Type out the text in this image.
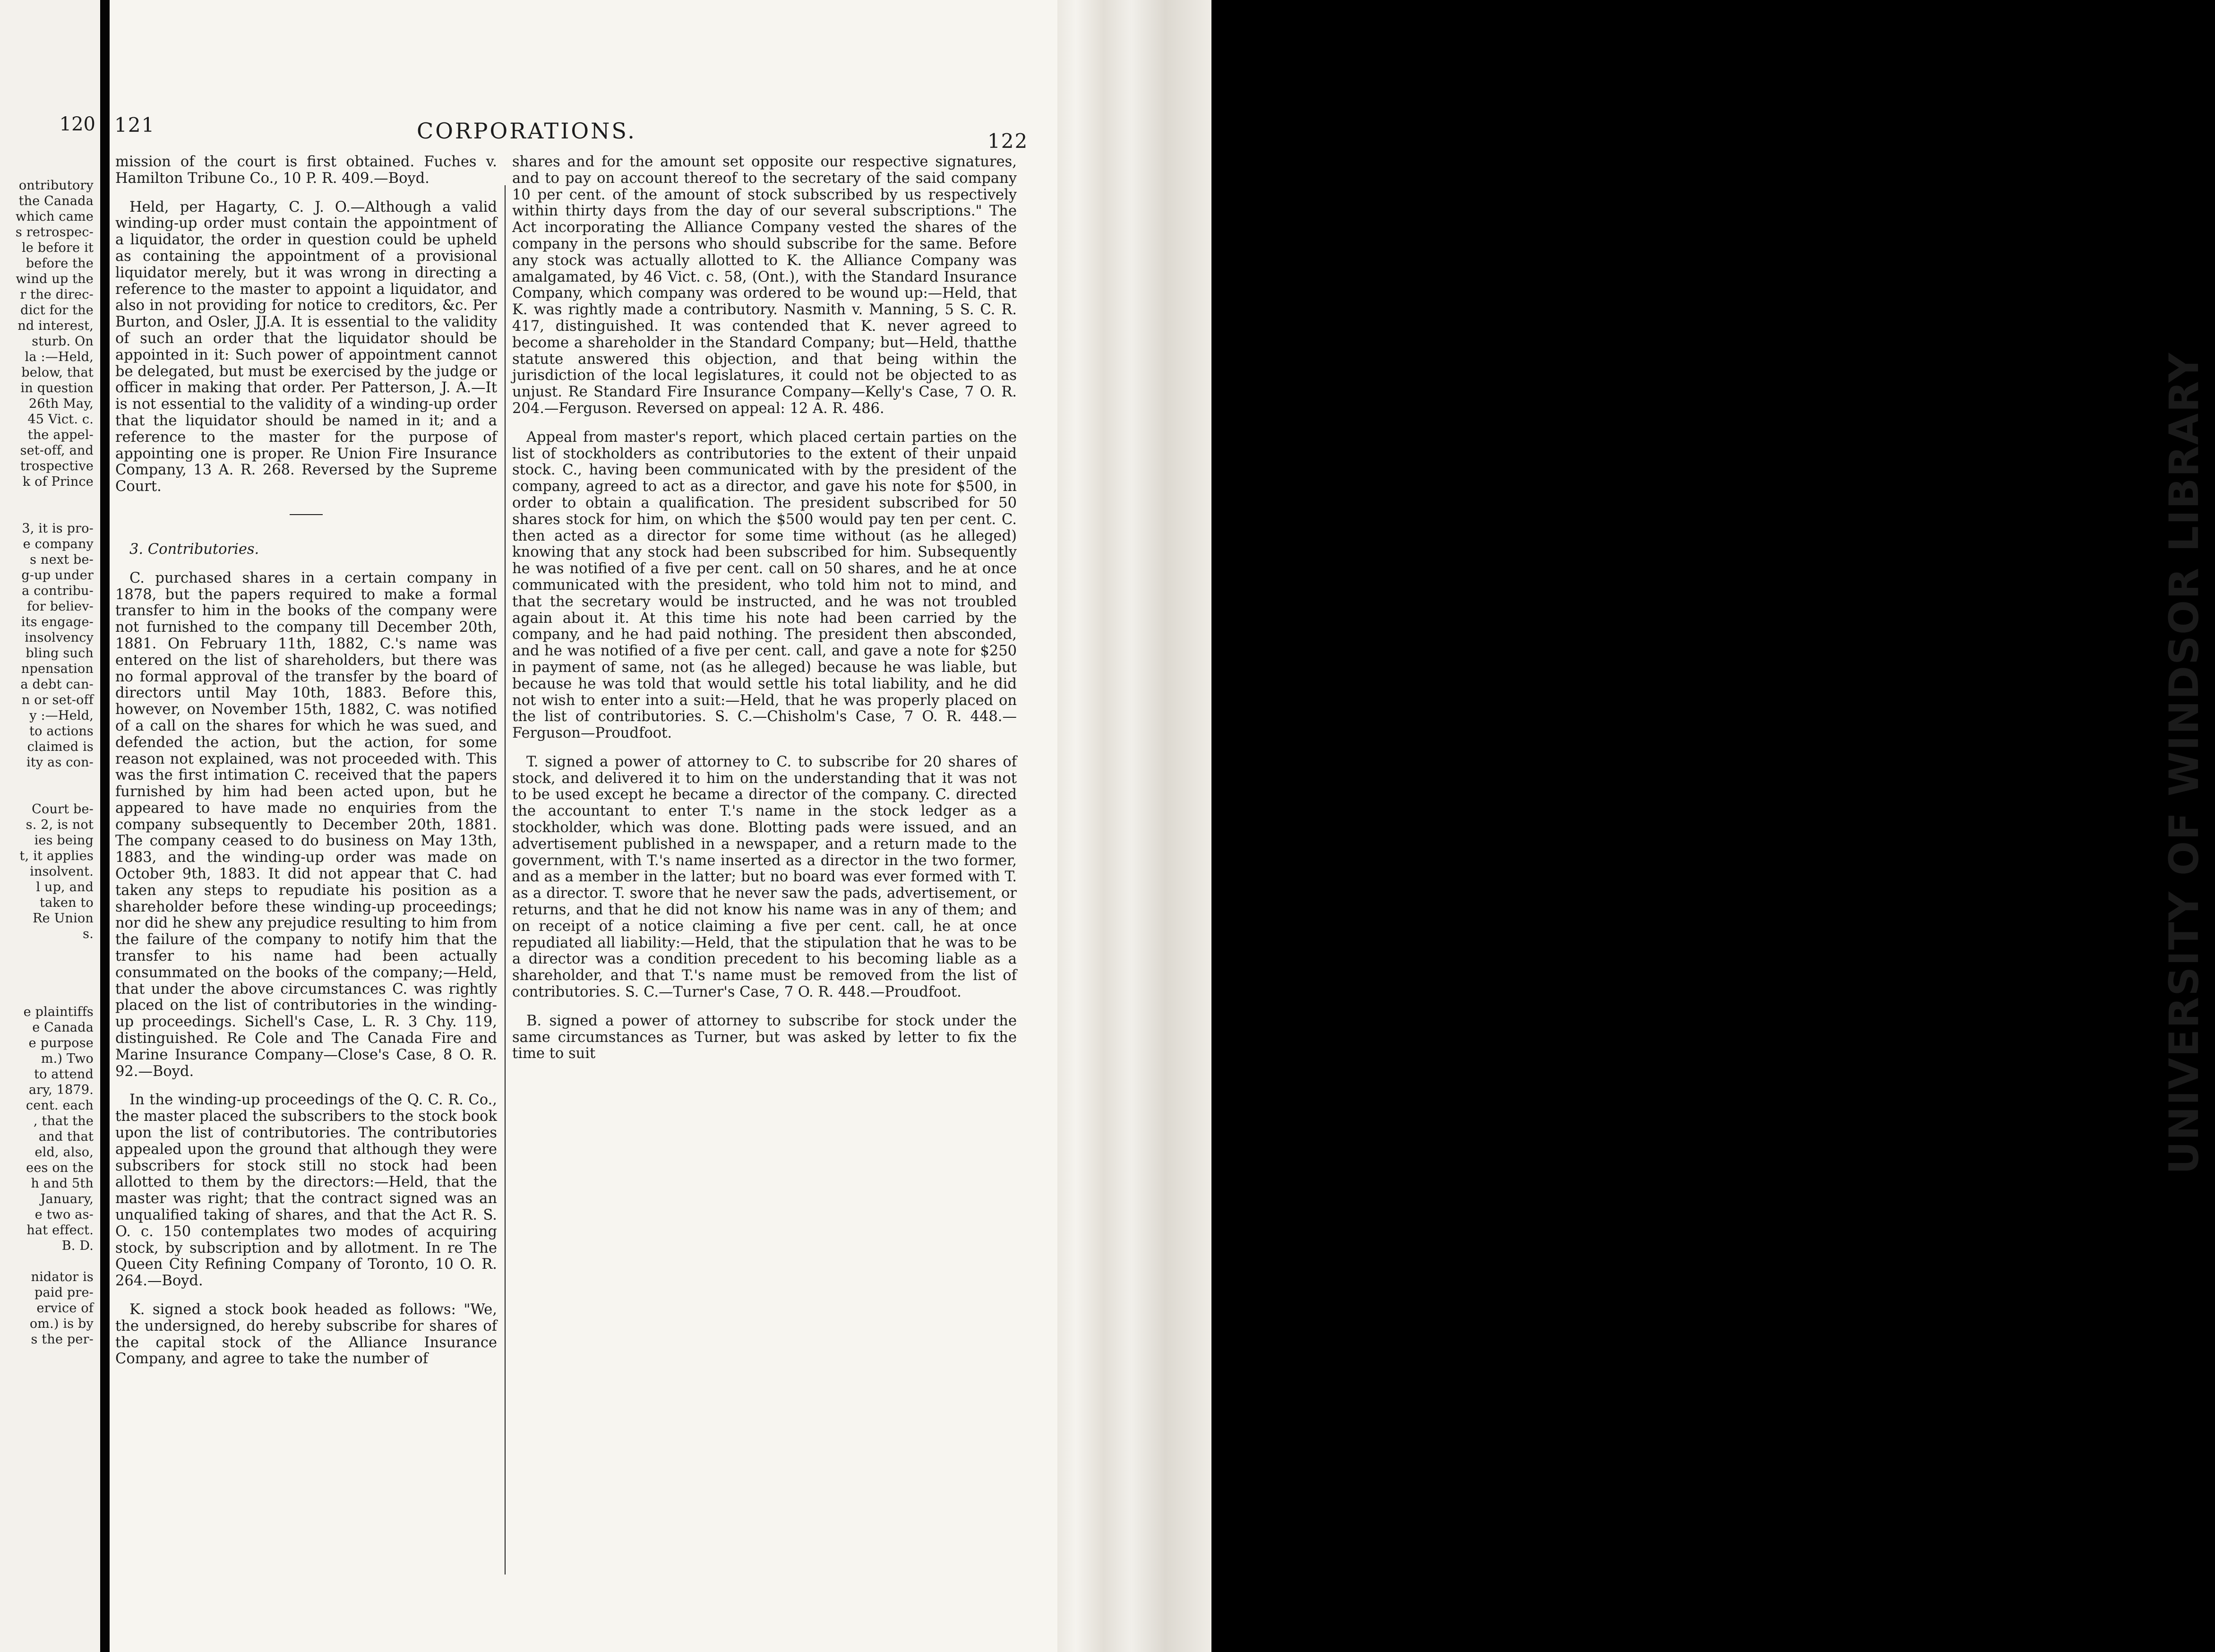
120
ontributory
the Canada
which came
s retrospec-
le before it
before the
wind up the
r the direc-
dict for the
nd interest,
sturb. On
la :—Held,
below, that
in question
26th May,
45 Vict. c.
the appel-
set-off, and
trospective
k of Prince

3, it is pro-
e company
s next be-
g-up under
a contribu-
for believ-
its engage-
insolvency
bling such
npensation
a debt can-
n or set-off
y :—Held,
to actions
claimed is
ity as con-

Court be-
s. 2, is not
ies being
t, it applies
insolvent.
l up, and
taken to
Re Union
s.

e plaintiffs
e Canada
e purpose
m.) Two
to attend
ary, 1879.
cent. each
, that the
and that
eld, also,
ees on the
h and 5th
January,
e two as-
hat effect.
B. D.

nidator is
paid pre-
ervice of
om.) is by
s the per-
121	CORPORATIONS.	122

mission of the court is first obtained. Fuches v. Hamilton Tribune Co., 10 P. R. 409.—Boyd.

Held, per Hagarty, C. J. O.—Although a valid winding-up order must contain the appointment of a liquidator, the order in question could be upheld as containing the appointment of a provisional liquidator merely, but it was wrong in directing a reference to the master to appoint a liquidator, and also in not providing for notice to creditors, &c. Per Burton, and Osler, JJ.A. It is essential to the validity of such an order that the liquidator should be appointed in it: Such power of appointment cannot be delegated, but must be exercised by the judge or officer in making that order. Per Patterson, J. A.—It is not essential to the validity of a winding-up order that the liquidator should be named in it; and a reference to the master for the purpose of appointing one is proper. Re Union Fire Insurance Company, 13 A. R. 268. Reversed by the Supreme Court.

3. Contributories.

C. purchased shares in a certain company in 1878, but the papers required to make a formal transfer to him in the books of the company were not furnished to the company till December 20th, 1881. On February 11th, 1882, C.'s name was entered on the list of shareholders, but there was no formal approval of the transfer by the board of directors until May 10th, 1883. Before this, however, on November 15th, 1882, C. was notified of a call on the shares for which he was sued, and defended the action, but the action, for some reason not explained, was not proceeded with. This was the first intimation C. received that the papers furnished by him had been acted upon, but he appeared to have made no enquiries from the company subsequently to December 20th, 1881. The company ceased to do business on May 13th, 1883, and the winding-up order was made on October 9th, 1883. It did not appear that C. had taken any steps to repudiate his position as a shareholder before these winding-up proceedings; nor did he shew any prejudice resulting to him from the failure of the company to notify him that the transfer to his name had been actually consummated on the books of the company;—Held, that under the above circumstances C. was rightly placed on the list of contributories in the winding-up proceedings. Sichell's Case, L. R. 3 Chy. 119, distinguished. Re Cole and The Canada Fire and Marine Insurance Company—Close's Case, 8 O. R. 92.—Boyd.

In the winding-up proceedings of the Q. C. R. Co., the master placed the subscribers to the stock book upon the list of contributories. The contributories appealed upon the ground that although they were subscribers for stock still no stock had been allotted to them by the directors:—Held, that the master was right; that the contract signed was an unqualified taking of shares, and that the Act R. S. O. c. 150 contemplates two modes of acquiring stock, by subscription and by allotment. In re The Queen City Refining Company of Toronto, 10 O. R. 264.—Boyd.

K. signed a stock book headed as follows: "We, the undersigned, do hereby subscribe for shares of the capital stock of the Alliance Insurance Company, and agree to take the number of

shares and for the amount set opposite our respective signatures, and to pay on account thereof to the secretary of the said company 10 per cent. of the amount of stock subscribed by us respectively within thirty days from the day of our several subscriptions." The Act incorporating the Alliance Company vested the shares of the company in the persons who should subscribe for the same. Before any stock was actually allotted to K. the Alliance Company was amalgamated, by 46 Vict. c. 58, (Ont.), with the Standard Insurance Company, which company was ordered to be wound up:—Held, that K. was rightly made a contributory. Nasmith v. Manning, 5 S. C. R. 417, distinguished. It was contended that K. never agreed to become a shareholder in the Standard Company; but—Held, thatthe statute answered this objection, and that being within the jurisdiction of the local legislatures, it could not be objected to as unjust. Re Standard Fire Insurance Company—Kelly's Case, 7 O. R. 204.—Ferguson. Reversed on appeal: 12 A. R. 486.

Appeal from master's report, which placed certain parties on the list of stockholders as contributories to the extent of their unpaid stock. C., having been communicated with by the president of the company, agreed to act as a director, and gave his note for $500, in order to obtain a qualification. The president subscribed for 50 shares stock for him, on which the $500 would pay ten per cent. C. then acted as a director for some time without (as he alleged) knowing that any stock had been subscribed for him. Subsequently he was notified of a five per cent. call on 50 shares, and he at once communicated with the president, who told him not to mind, and that the secretary would be instructed, and he was not troubled again about it. At this time his note had been carried by the company, and he had paid nothing. The president then absconded, and he was notified of a five per cent. call, and gave a note for $250 in payment of same, not (as he alleged) because he was liable, but because he was told that would settle his total liability, and he did not wish to enter into a suit:—Held, that he was properly placed on the list of contributories. S. C.—Chisholm's Case, 7 O. R. 448.—Ferguson—Proudfoot.

T. signed a power of attorney to C. to subscribe for 20 shares of stock, and delivered it to him on the understanding that it was not to be used except he became a director of the company. C. directed the accountant to enter T.'s name in the stock ledger as a stockholder, which was done. Blotting pads were issued, and an advertisement published in a newspaper, and a return made to the government, with T.'s name inserted as a director in the two former, and as a member in the latter; but no board was ever formed with T. as a director. T. swore that he never saw the pads, advertisement, or returns, and that he did not know his name was in any of them; and on receipt of a notice claiming a five per cent. call, he at once repudiated all liability:—Held, that the stipulation that he was to be a director was a condition precedent to his becoming liable as a shareholder, and that T.'s name must be removed from the list of contributories. S. C.—Turner's Case, 7 O. R. 448.—Proudfoot.

B. signed a power of attorney to subscribe for stock under the same circumstances as Turner, but was asked by letter to fix the time to suit	UNIVERSITY OF WINDSOR LIBRARY
